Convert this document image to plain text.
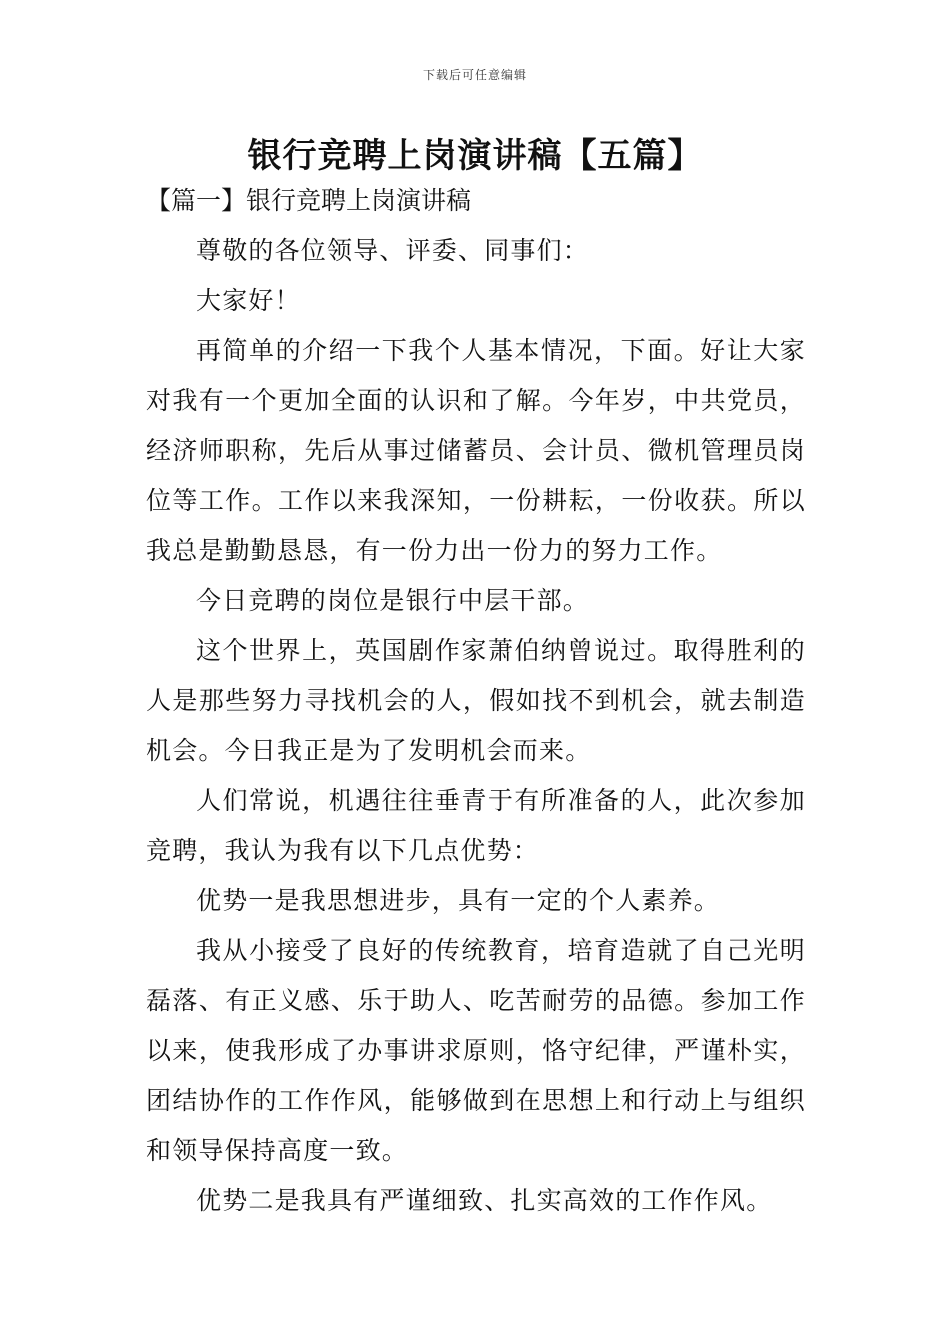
下载后可任意编辑
银行竞聘上岗演讲稿【五篇】
【篇一】银行竞聘上岗演讲稿

尊敬的各位领导、评委、同事们：

大家好！

再简单的介绍一下我个人基本情况，下面。好让大家对我有一个更加全面的认识和了解。今年岁，中共党员，经济师职称，先后从事过储蓄员、会计员、微机管理员岗位等工作。工作以来我深知，一份耕耘，一份收获。所以我总是勤勤恳恳，有一份力出一份力的努力工作。

今日竞聘的岗位是银行中层干部。

这个世界上，英国剧作家萧伯纳曾说过。取得胜利的人是那些努力寻找机会的人，假如找不到机会，就去制造机会。今日我正是为了发明机会而来。

人们常说，机遇往往垂青于有所准备的人，此次参加竞聘，我认为我有以下几点优势：

优势一是我思想进步，具有一定的个人素养。

我从小接受了良好的传统教育，培育造就了自己光明磊落、有正义感、乐于助人、吃苦耐劳的品德。参加工作以来，使我形成了办事讲求原则，恪守纪律，严谨朴实，团结协作的工作作风，能够做到在思想上和行动上与组织和领导保持高度一致。

优势二是我具有严谨细致、扎实高效的工作作风。
